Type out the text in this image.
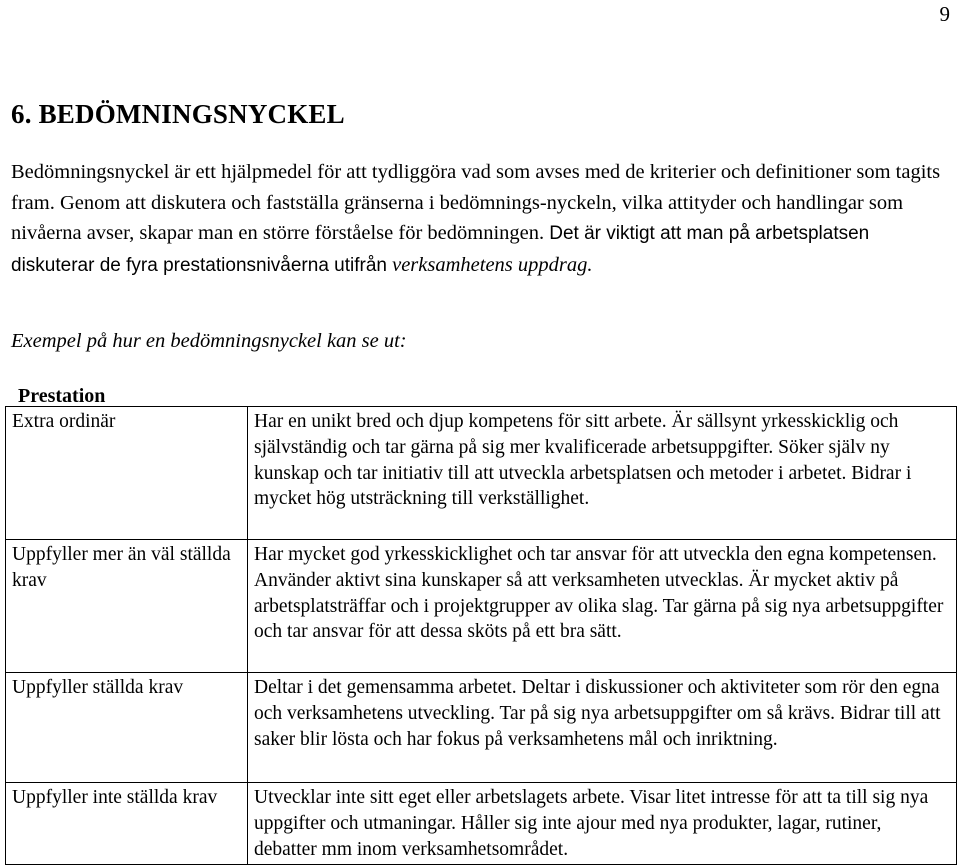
9
6. BEDÖMNINGSNYCKEL

Bedömningsnyckel är ett hjälpmedel för att tydliggöra vad som avses med de kriterier och definitioner som tagits fram. Genom att diskutera och fastställa gränserna i bedömnings-nyckeln, vilka attityder och handlingar som nivåerna avser, skapar man en större förståelse för bedömningen. Det är viktigt att man på arbetsplatsen diskuterar de fyra prestationsnivåerna utifrån verksamhetens uppdrag.

Exempel på hur en bedömningsnyckel kan se ut:

Prestation
Extra ordinär	Har en unikt bred och djup kompetens för sitt arbete. Är sällsynt yrkesskicklig och självständig och tar gärna på sig mer kvalificerade arbetsuppgifter. Söker själv ny kunskap och tar initiativ till att utveckla arbetsplatsen och metoder i arbetet. Bidrar i mycket hög utsträckning till verkställighet.
Uppfyller mer än väl ställda krav	Har mycket god yrkesskicklighet och tar ansvar för att utveckla den egna kompetensen. Använder aktivt sina kunskaper så att verksamheten utvecklas. Är mycket aktiv på arbetsplatsträffar och i projektgrupper av olika slag. Tar gärna på sig nya arbetsuppgifter och tar ansvar för att dessa sköts på ett bra sätt.
Uppfyller ställda krav	Deltar i det gemensamma arbetet. Deltar i diskussioner och aktiviteter som rör den egna och verksamhetens utveckling. Tar på sig nya arbetsuppgifter om så krävs. Bidrar till att saker blir lösta och har fokus på verksamhetens mål och inriktning.
Uppfyller inte ställda krav	Utvecklar inte sitt eget eller arbetslagets arbete. Visar litet intresse för att ta till sig nya uppgifter och utmaningar. Håller sig inte ajour med nya produkter, lagar, rutiner, debatter mm inom verksamhetsområdet.
